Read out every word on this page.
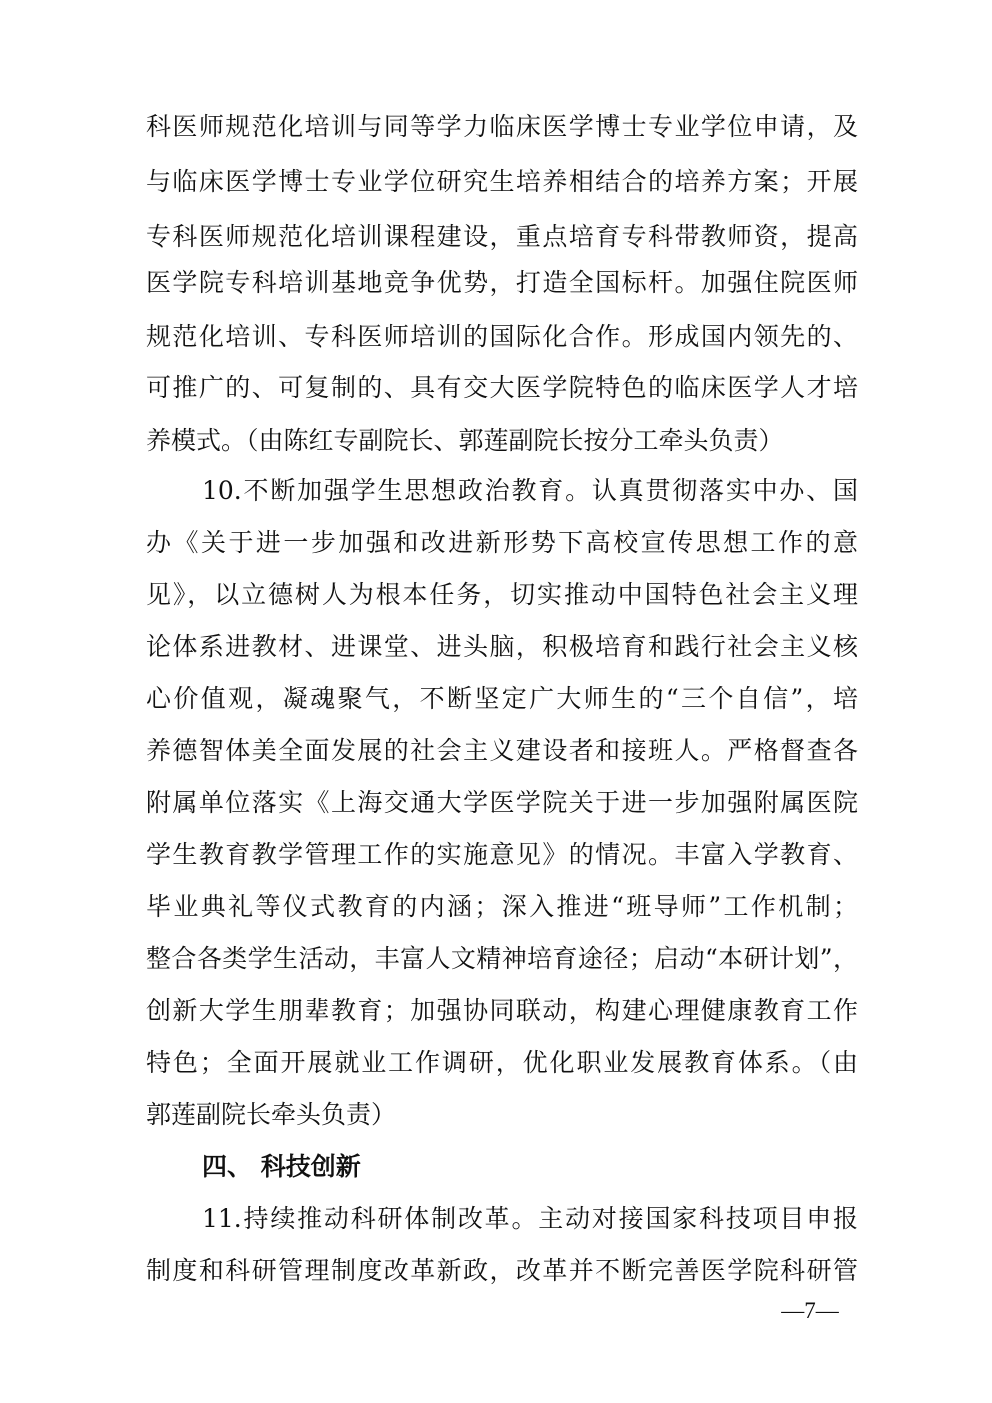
科医师规范化培训与同等学力临床医学博士专业学位申请，及
与临床医学博士专业学位研究生培养相结合的培养方案；开展
专科医师规范化培训课程建设，重点培育专科带教师资，提高
医学院专科培训基地竞争优势，打造全国标杆。加强住院医师
规范化培训、专科医师培训的国际化合作。形成国内领先的、
可推广的、可复制的、具有交大医学院特色的临床医学人才培
养模式。（由陈红专副院长、郭莲副院长按分工牵头负责）
10.不断加强学生思想政治教育。认真贯彻落实中办、国
办《关于进一步加强和改进新形势下高校宣传思想工作的意
见》，以立德树人为根本任务，切实推动中国特色社会主义理
论体系进教材、进课堂、进头脑，积极培育和践行社会主义核
心价值观，凝魂聚气，不断坚定广大师生的“三个自信”，培
养德智体美全面发展的社会主义建设者和接班人。严格督查各
附属单位落实《上海交通大学医学院关于进一步加强附属医院
学生教育教学管理工作的实施意见》的情况。丰富入学教育、
毕业典礼等仪式教育的内涵；深入推进“班导师”工作机制；
整合各类学生活动，丰富人文精神培育途径；启动“本研计划”，
创新大学生朋辈教育；加强协同联动，构建心理健康教育工作
特色；全面开展就业工作调研，优化职业发展教育体系。（由
郭莲副院长牵头负责）
四、 科技创新
11.持续推动科研体制改革。主动对接国家科技项目申报
制度和科研管理制度改革新政，改革并不断完善医学院科研管
—7—
